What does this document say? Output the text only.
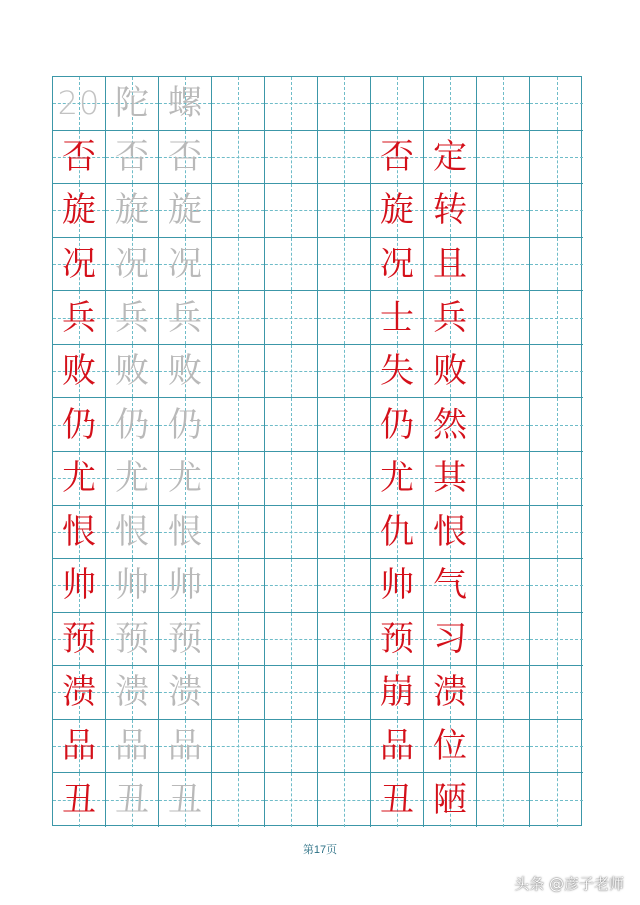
20 陀 螺
否 否 否	否 定
旋 旋 旋	旋 转
况 况 况	况 且
兵 兵 兵	士 兵
败 败 败	失 败
仍 仍 仍	仍 然
尤 尤 尤	尤 其
恨 恨 恨	仇 恨
帅 帅 帅	帅 气
预 预 预	预 习
溃 溃 溃	崩 溃
品 品 品	品 位
丑 丑 丑	丑 陋
第17页
头条 @彦子老师
